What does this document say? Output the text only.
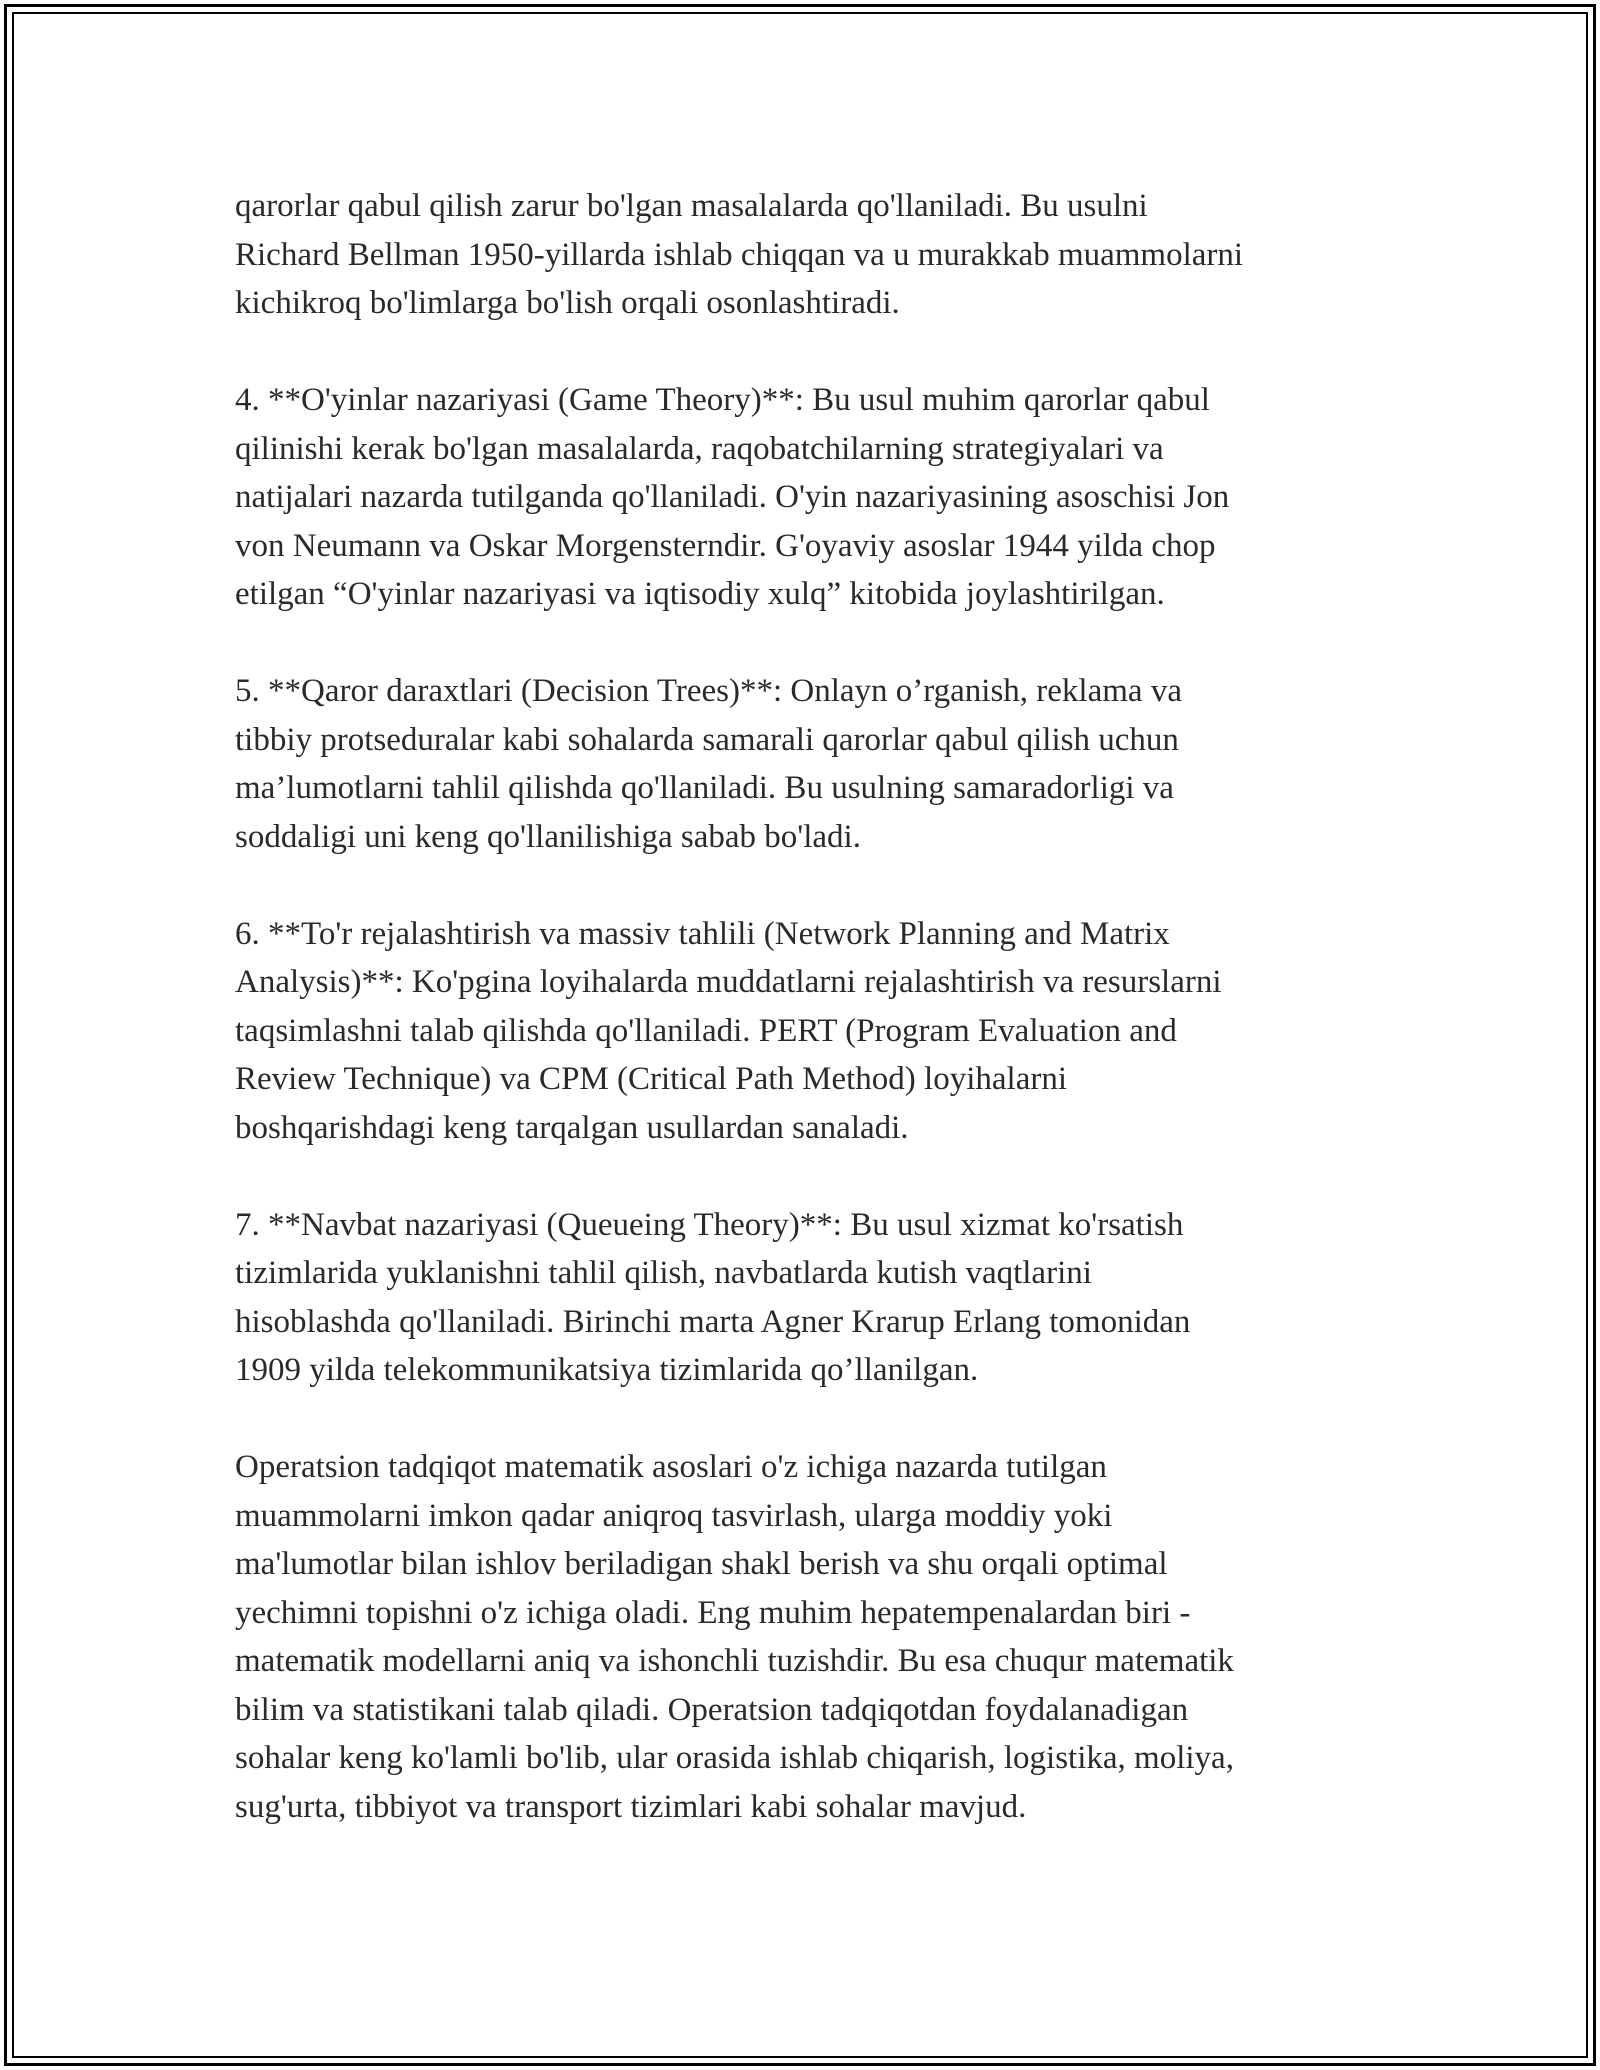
qarorlar qabul qilish zarur bo'lgan masalalarda qo'llaniladi. Bu usulni
Richard Bellman 1950-yillarda ishlab chiqqan va u murakkab muammolarni
kichikroq bo'limlarga bo'lish orqali osonlashtiradi.

4. **O'yinlar nazariyasi (Game Theory)**: Bu usul muhim qarorlar qabul
qilinishi kerak bo'lgan masalalarda, raqobatchilarning strategiyalari va
natijalari nazarda tutilganda qo'llaniladi. O'yin nazariyasining asoschisi Jon
von Neumann va Oskar Morgensterndir. G'oyaviy asoslar 1944 yilda chop
etilgan “O'yinlar nazariyasi va iqtisodiy xulq” kitobida joylashtirilgan.

5. **Qaror daraxtlari (Decision Trees)**: Onlayn o’rganish, reklama va
tibbiy protseduralar kabi sohalarda samarali qarorlar qabul qilish uchun
ma’lumotlarni tahlil qilishda qo'llaniladi. Bu usulning samaradorligi va
soddaligi uni keng qo'llanilishiga sabab bo'ladi.

6. **To'r rejalashtirish va massiv tahlili (Network Planning and Matrix
Analysis)**: Ko'pgina loyihalarda muddatlarni rejalashtirish va resurslarni
taqsimlashni talab qilishda qo'llaniladi. PERT (Program Evaluation and
Review Technique) va CPM (Critical Path Method) loyihalarni
boshqarishdagi keng tarqalgan usullardan sanaladi.

7. **Navbat nazariyasi (Queueing Theory)**: Bu usul xizmat ko'rsatish
tizimlarida yuklanishni tahlil qilish, navbatlarda kutish vaqtlarini
hisoblashda qo'llaniladi. Birinchi marta Agner Krarup Erlang tomonidan
1909 yilda telekommunikatsiya tizimlarida qo’llanilgan.

Operatsion tadqiqot matematik asoslari o'z ichiga nazarda tutilgan
muammolarni imkon qadar aniqroq tasvirlash, ularga moddiy yoki
ma'lumotlar bilan ishlov beriladigan shakl berish va shu orqali optimal
yechimni topishni o'z ichiga oladi. Eng muhim hepatempenalardan biri -
matematik modellarni aniq va ishonchli tuzishdir. Bu esa chuqur matematik
bilim va statistikani talab qiladi. Operatsion tadqiqotdan foydalanadigan
sohalar keng ko'lamli bo'lib, ular orasida ishlab chiqarish, logistika, moliya,
sug'urta, tibbiyot va transport tizimlari kabi sohalar mavjud.
